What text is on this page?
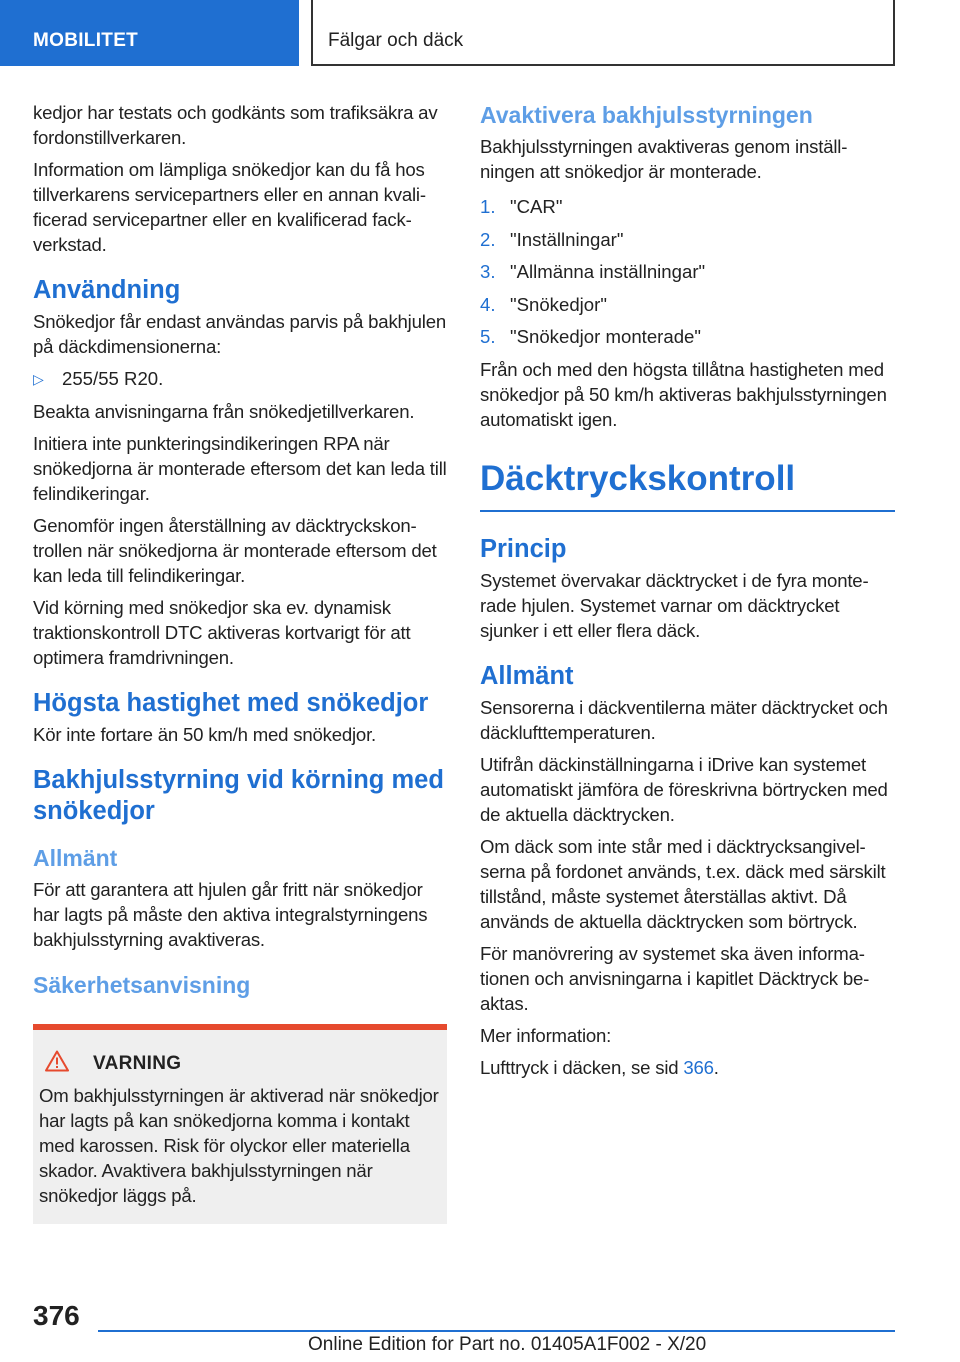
MOBILITET	Fälgar och däck

kedjor har testats och godkänts som trafiksäkra av fordonstillverkaren.

Information om lämpliga snökedjor kan du få hos tillverkarens servicepartners eller en annan kvalificerad servicepartner eller en kvalificerad fackverkstad.

Användning

Snökedjor får endast användas parvis på bakhjulen på däckdimensionerna:

▷ 255/55 R20.

Beakta anvisningarna från snökedjetillverkaren.

Initiera inte punkteringsindikeringen RPA när snökedjorna är monterade eftersom det kan leda till felindikeringar.

Genomför ingen återställning av däcktryckskontrollen när snökedjorna är monterade eftersom det kan leda till felindikeringar.

Vid körning med snökedjor ska ev. dynamisk traktionskontroll DTC aktiveras kortvarigt för att optimera framdrivningen.

Högsta hastighet med snökedjor

Kör inte fortare än 50 km/h med snökedjor.

Bakhjulsstyrning vid körning med snökedjor
Allmänt

För att garantera att hjulen går fritt när snökedjor har lagts på måste den aktiva integralstyrningens bakhjulsstyrning avaktiveras.

Säkerhetsanvisning
VARNING
Om bakhjulsstyrningen är aktiverad när snökedjor har lagts på kan snökedjorna komma i kontakt med karossen. Risk för olyckor eller materiella skador. Avaktivera bakhjulsstyrningen när snökedjor läggs på.
Avaktivera bakhjulsstyrningen

Bakhjulsstyrningen avaktiveras genom inställningen att snökedjor är monterade.

1. "CAR"
2. "Inställningar"
3. "Allmänna inställningar"
4. "Snökedjor"
5. "Snökedjor monterade"

Från och med den högsta tillåtna hastigheten med snökedjor på 50 km/h aktiveras bakhjulsstyrningen automatiskt igen.

Däcktryckskontroll
Princip

Systemet övervakar däcktrycket i de fyra monterade hjulen. Systemet varnar om däcktrycket sjunker i ett eller flera däck.

Allmänt

Sensorerna i däckventilerna mäter däcktrycket och däcklufttemperaturen.

Utifrån däckinställningarna i iDrive kan systemet automatiskt jämföra de föreskrivna börtrycken med de aktuella däcktrycken.

Om däck som inte står med i däcktrycksangivelserna på fordonet används, t.ex. däck med särskilt tillstånd, måste systemet återställas aktivt. Då används de aktuella däcktrycken som börtryck.

För manövrering av systemet ska även informationen och anvisningarna i kapitlet Däcktryck beaktas.

Mer information:

Lufttryck i däcken, se sid 366.

376
Online Edition for Part no. 01405A1F002 - X/20
